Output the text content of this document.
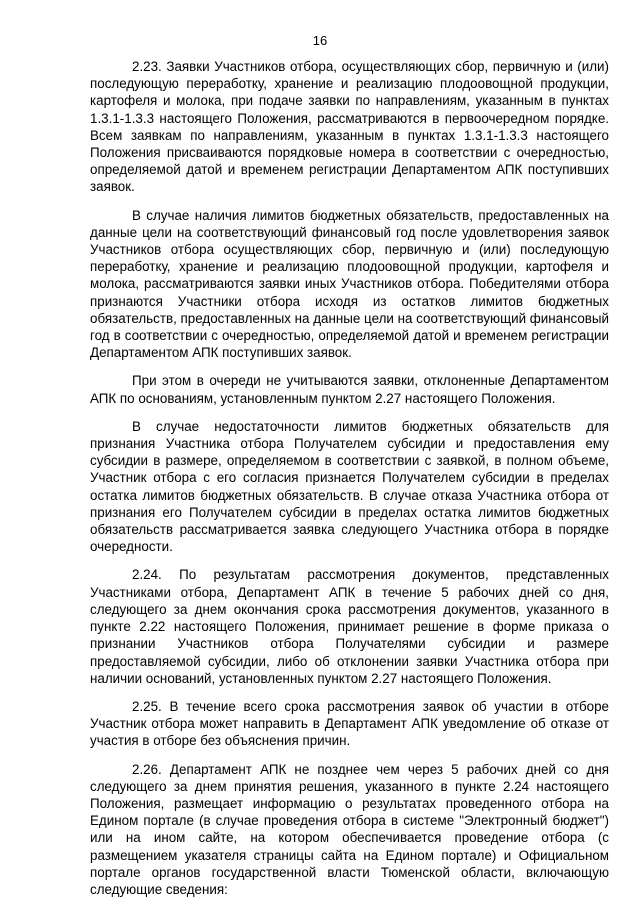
16

2.23. Заявки Участников отбора, осуществляющих сбор, первичную и (или) последующую переработку, хранение и реализацию плодоовощной продукции, картофеля и молока, при подаче заявки по направлениям, указанным в пунктах 1.3.1-1.3.3 настоящего Положения, рассматриваются в первоочередном порядке. Всем заявкам по направлениям, указанным в пунктах 1.3.1-1.3.3 настоящего Положения присваиваются порядковые номера в соответствии с очередностью, определяемой датой и временем регистрации Департаментом АПК поступивших заявок.

В случае наличия лимитов бюджетных обязательств, предоставленных на данные цели на соответствующий финансовый год после удовлетворения заявок Участников отбора осуществляющих сбор, первичную и (или) последующую переработку, хранение и реализацию плодоовощной продукции, картофеля и молока, рассматриваются заявки иных Участников отбора. Победителями отбора признаются Участники отбора исходя из остатков лимитов бюджетных обязательств, предоставленных на данные цели на соответствующий финансовый год в соответствии с очередностью, определяемой датой и временем регистрации Департаментом АПК поступивших заявок.

При этом в очереди не учитываются заявки, отклоненные Департаментом АПК по основаниям, установленным пунктом 2.27 настоящего Положения.

В случае недостаточности лимитов бюджетных обязательств для признания Участника отбора Получателем субсидии и предоставления ему субсидии в размере, определяемом в соответствии с заявкой, в полном объеме, Участник отбора с его согласия признается Получателем субсидии в пределах остатка лимитов бюджетных обязательств. В случае отказа Участника отбора от признания его Получателем субсидии в пределах остатка лимитов бюджетных обязательств рассматривается заявка следующего Участника отбора в порядке очередности.

2.24. По результатам рассмотрения документов, представленных Участниками отбора, Департамент АПК в течение 5 рабочих дней со дня, следующего за днем окончания срока рассмотрения документов, указанного в пункте 2.22 настоящего Положения, принимает решение в форме приказа о признании Участников отбора Получателями субсидии и размере предоставляемой субсидии, либо об отклонении заявки Участника отбора при наличии оснований, установленных пунктом 2.27 настоящего Положения.

2.25. В течение всего срока рассмотрения заявок об участии в отборе Участник отбора может направить в Департамент АПК уведомление об отказе от участия в отборе без объяснения причин.

2.26. Департамент АПК не позднее чем через 5 рабочих дней со дня следующего за днем принятия решения, указанного в пункте 2.24 настоящего Положения, размещает информацию о результатах проведенного отбора на Едином портале (в случае проведения отбора в системе "Электронный бюджет") или на ином сайте, на котором обеспечивается проведение отбора (с размещением указателя страницы сайта на Едином портале) и Официальном портале органов государственной власти Тюменской области, включающую следующие сведения:
